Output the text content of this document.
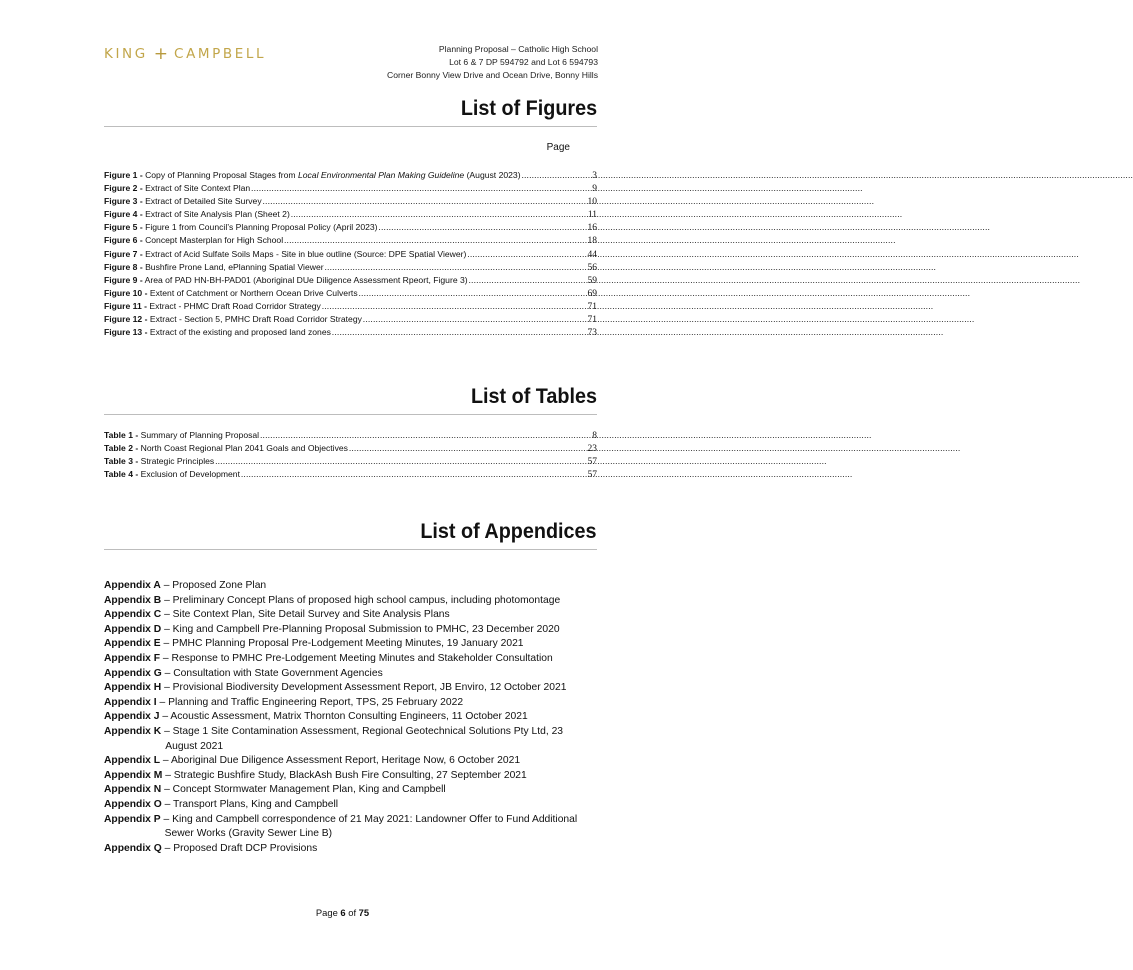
KING + CAMPBELL	Planning Proposal – Catholic High School
Lot 6 & 7 DP 594792 and Lot 6 594793
Corner Bonny View Drive and Ocean Drive, Bonny Hills
List of Figures
Page
Figure 1 - Copy of Planning Proposal Stages from Local Environmental Plan Making Guideline (August 2023) .....	3
Figure 2 - Extract of Site Context Plan .....	9
Figure 3 - Extract of Detailed Site Survey .....	10
Figure 4 - Extract of Site Analysis Plan (Sheet 2) .....	11
Figure 5 - Figure 1 from Council’s Planning Proposal Policy (April 2023) .....	16
Figure 6 - Concept Masterplan for High School .....	18
Figure 7 - Extract of Acid Sulfate Soils Maps - Site in blue outline (Source: DPE Spatial Viewer) .....	44
Figure 8 - Bushfire Prone Land, ePlanning Spatial Viewer .....	56
Figure 9 - Area of PAD HN-BH-PAD01 (Aboriginal DUe Diligence Assessment Rpeort, Figure 3) .....	59
Figure 10 - Extent of Catchment or Northern Ocean Drive Culverts .....	69
Figure 11 - Extract - PHMC Draft Road Corridor Strategy .....	71
Figure 12 - Extract - Section 5, PMHC Draft Road Corridor Strategy .....	71
Figure 13 - Extract of the existing and proposed land zones .....	73
List of Tables
Table 1 - Summary of Planning Proposal .....	8
Table 2 - North Coast Regional Plan 2041 Goals and Objectives .....	23
Table 3 - Strategic Principles .....	57
Table 4 - Exclusion of Development .....	57
List of Appendices
Appendix A – Proposed Zone Plan
Appendix B – Preliminary Concept Plans of proposed high school campus, including photomontage
Appendix C – Site Context Plan, Site Detail Survey and Site Analysis Plans
Appendix D – King and Campbell Pre-Planning Proposal Submission to PMHC, 23 December 2020
Appendix E – PMHC Planning Proposal Pre-Lodgement Meeting Minutes, 19 January 2021
Appendix F – Response to PMHC Pre-Lodgement Meeting Minutes and Stakeholder Consultation
Appendix G – Consultation with State Government Agencies
Appendix H – Provisional Biodiversity Development Assessment Report, JB Enviro, 12 October 2021
Appendix I – Planning and Traffic Engineering Report, TPS, 25 February 2022
Appendix J – Acoustic Assessment, Matrix Thornton Consulting Engineers, 11 October 2021
Appendix K – Stage 1 Site Contamination Assessment, Regional Geotechnical Solutions Pty Ltd, 23 August 2021
Appendix L – Aboriginal Due Diligence Assessment Report, Heritage Now, 6 October 2021
Appendix M – Strategic Bushfire Study, BlackAsh Bush Fire Consulting, 27 September 2021
Appendix N – Concept Stormwater Management Plan, King and Campbell
Appendix O – Transport Plans, King and Campbell
Appendix P – King and Campbell correspondence of 21 May 2021: Landowner Offer to Fund Additional Sewer Works (Gravity Sewer Line B)
Appendix Q – Proposed Draft DCP Provisions
Page 6 of 75
